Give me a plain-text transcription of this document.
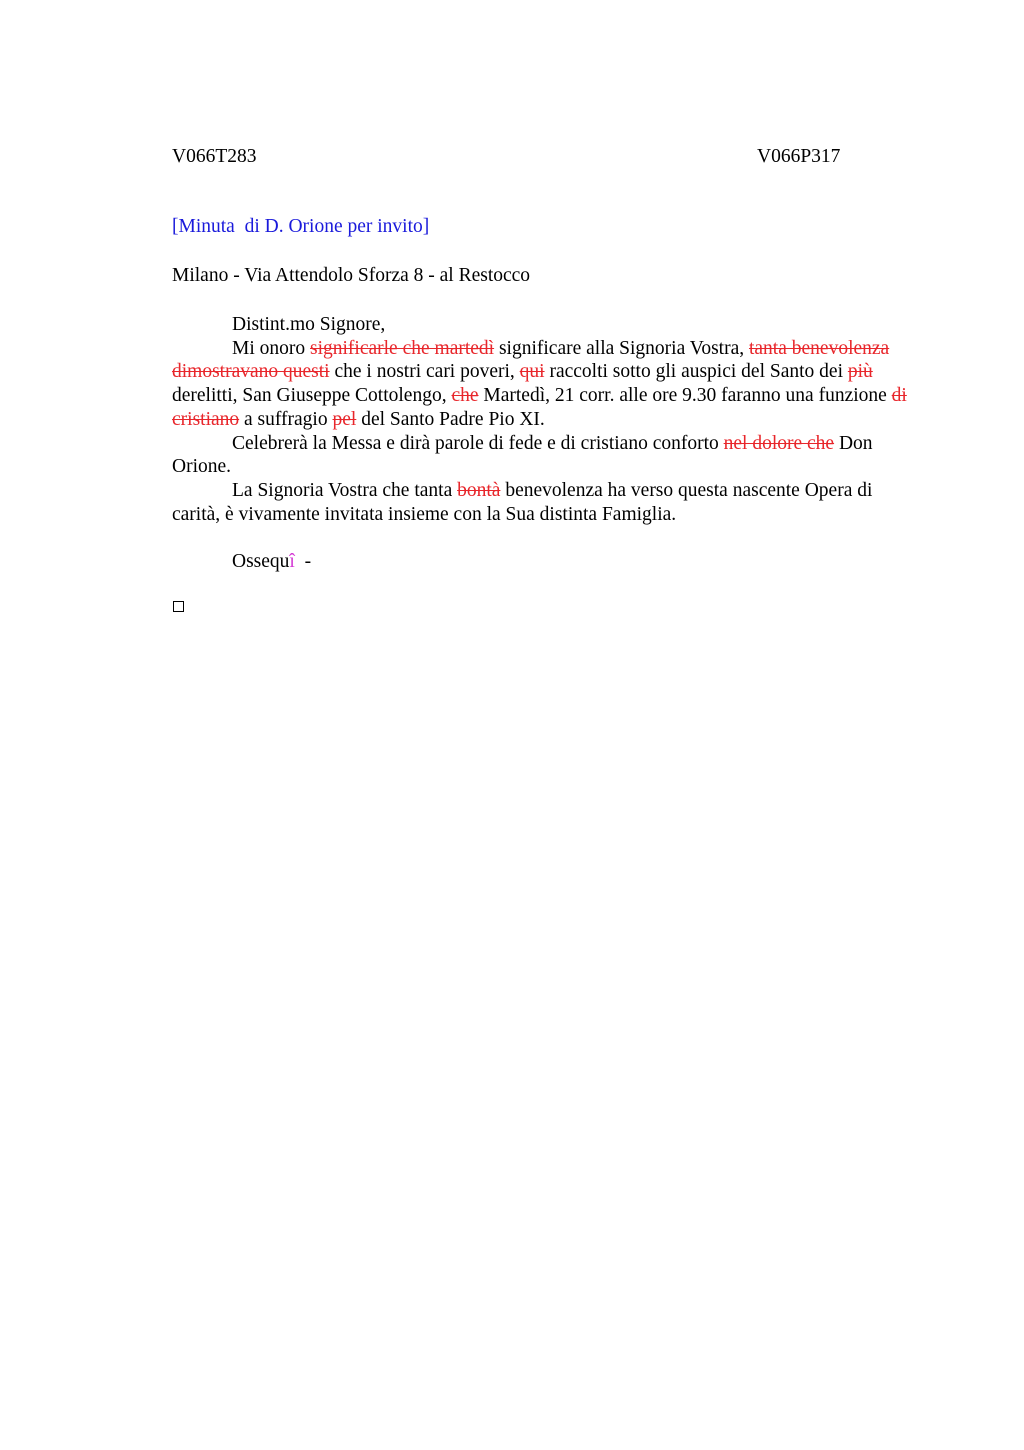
V066T283	V066P317
[Minuta  di D. Orione per invito]
Milano - Via Attendolo Sforza 8 - al Restocco

Distint.mo Signore,

Mi onoro significarle che martedì significare alla Signoria Vostra, tanta benevolenza dimostravano questi che i nostri cari poveri, qui raccolti sotto gli auspici del Santo dei più derelitti, San Giuseppe Cottolengo, che Martedì, 21 corr. alle ore 9.30 faranno una funzione di cristiano a suffragio pel del Santo Padre Pio XI.

Celebrerà la Messa e dirà parole di fede e di cristiano conforto nel dolore che Don Orione.

La Signoria Vostra che tanta bontà benevolenza ha verso questa nascente Opera di carità, è vivamente invitata insieme con la Sua distinta Famiglia.

Ossequî  -
